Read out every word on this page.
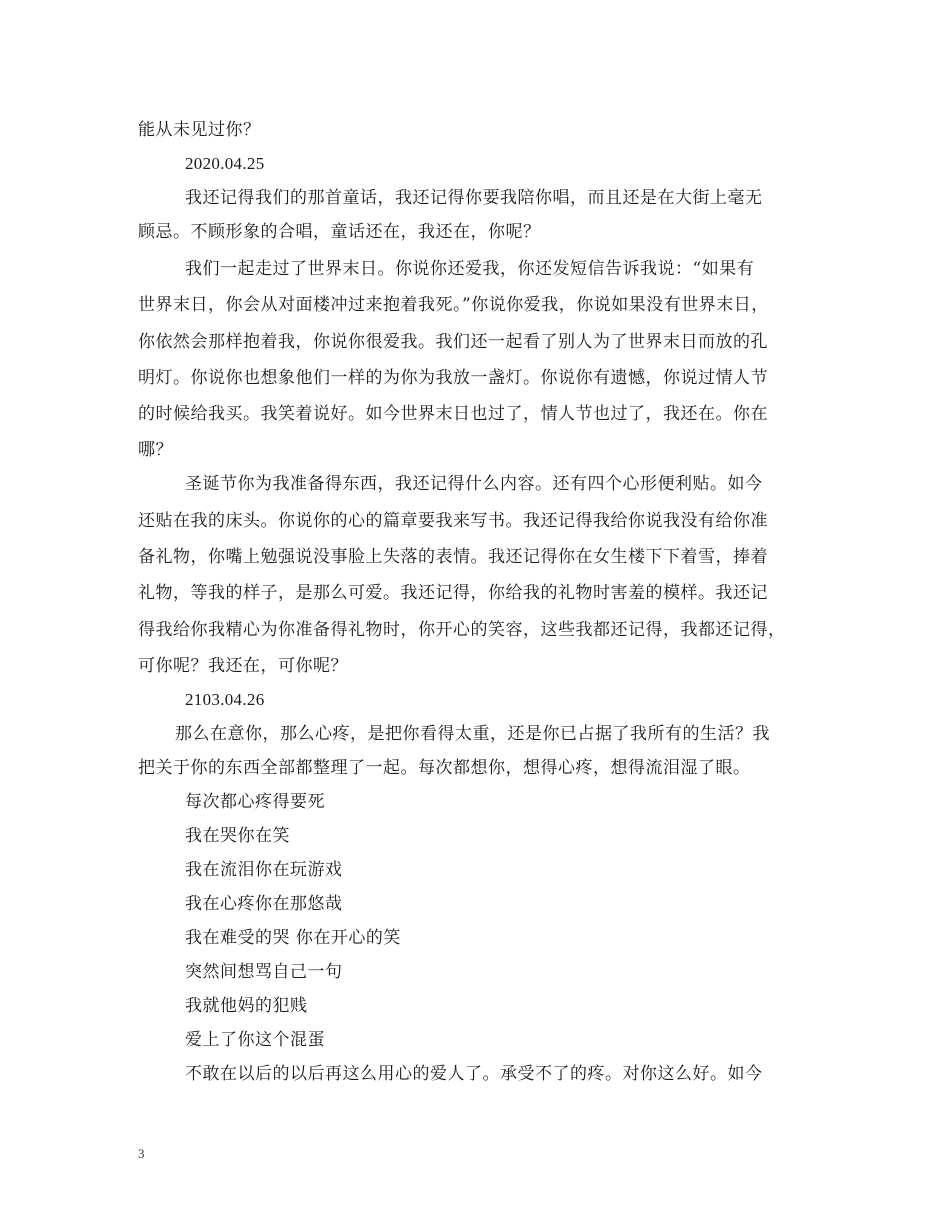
能从未见过你？
2020.04.25
我还记得我们的那首童话，我还记得你要我陪你唱，而且还是在大街上毫无
顾忌。不顾形象的合唱，童话还在，我还在，你呢？
我们一起走过了世界末日。你说你还爱我，你还发短信告诉我说：“如果有
世界末日，你会从对面楼冲过来抱着我死。”你说你爱我，你说如果没有世界末日，
你依然会那样抱着我，你说你很爱我。我们还一起看了别人为了世界末日而放的孔
明灯。你说你也想象他们一样的为你为我放一盏灯。你说你有遗憾，你说过情人节
的时候给我买。我笑着说好。如今世界末日也过了，情人节也过了，我还在。你在
哪？
圣诞节你为我准备得东西，我还记得什么内容。还有四个心形便利贴。如今
还贴在我的床头。你说你的心的篇章要我来写书。我还记得我给你说我没有给你准
备礼物，你嘴上勉强说没事脸上失落的表情。我还记得你在女生楼下下着雪，捧着
礼物，等我的样子，是那么可爱。我还记得，你给我的礼物时害羞的模样。我还记
得我给你我精心为你准备得礼物时，你开心的笑容，这些我都还记得，我都还记得，
可你呢？我还在，可你呢？
2103.04.26
那么在意你，那么心疼，是把你看得太重，还是你已占据了我所有的生活？我
把关于你的东西全部都整理了一起。每次都想你，想得心疼，想得流泪湿了眼。
每次都心疼得要死
我在哭你在笑
我在流泪你在玩游戏
我在心疼你在那悠哉
我在难受的哭 你在开心的笑
突然间想骂自己一句
我就他妈的犯贱
爱上了你这个混蛋
不敢在以后的以后再这么用心的爱人了。承受不了的疼。对你这么好。如今
3
